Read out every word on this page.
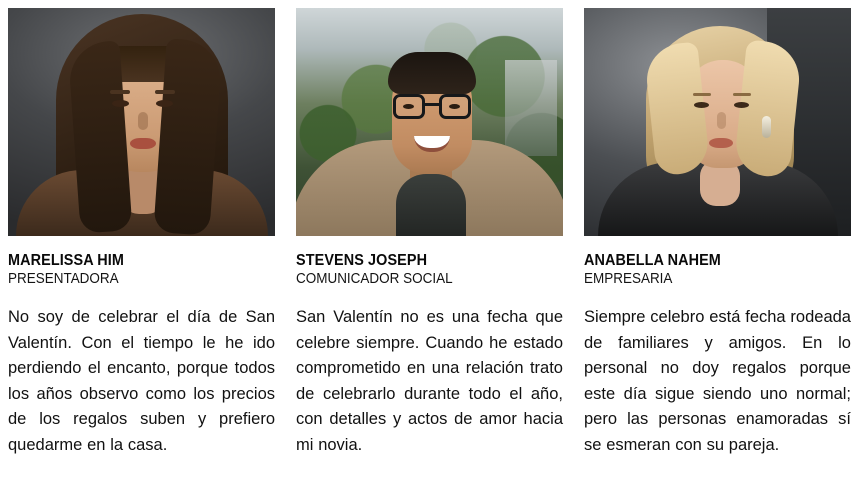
MARELISSA HIM
PRESENTADORA
No soy de celebrar el día de San Valentín. Con el tiempo le he ido perdiendo el encanto, porque todos los años observo como los precios de los regalos suben y prefiero quedarme en la casa.
STEVENS JOSEPH
COMUNICADOR SOCIAL
San Valentín no es una fecha que celebre siempre. Cuando he estado comprometido en una relación trato de celebrarlo durante todo el año, con detalles y actos de amor hacia mi novia.
ANABELLA NAHEM
EMPRESARIA
Siempre celebro está fecha rodeada de familiares y amigos. En lo personal no doy regalos porque este día sigue siendo uno normal; pero las personas enamoradas sí se esmeran con su pareja.
